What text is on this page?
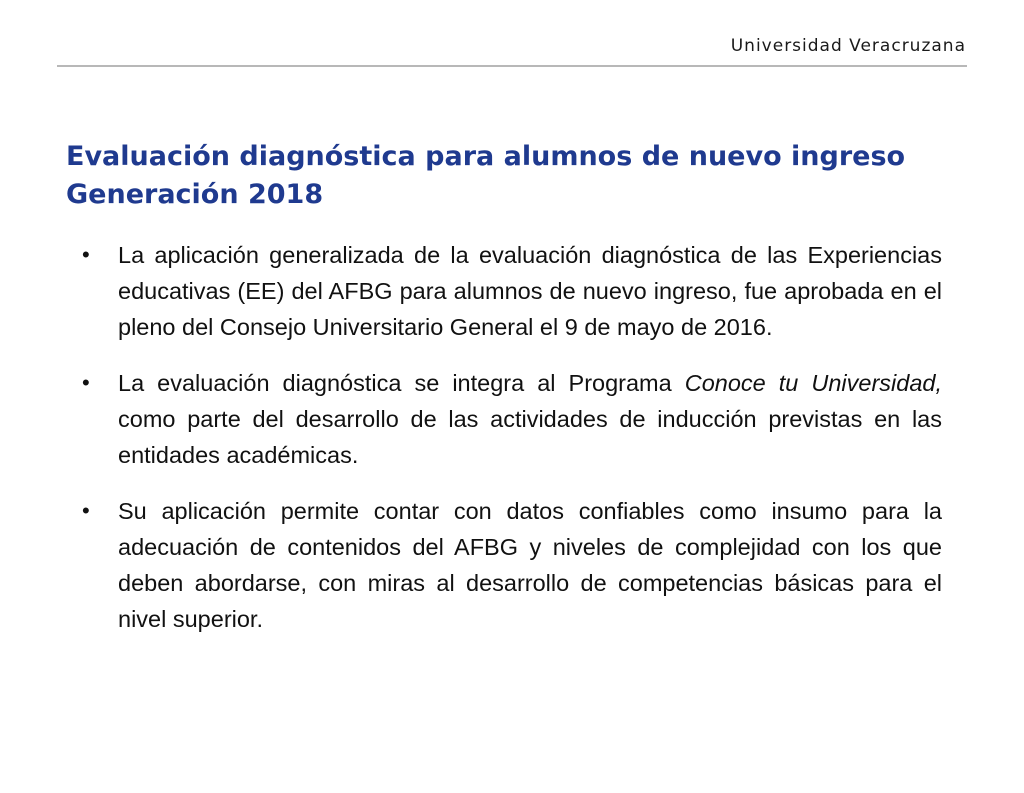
Universidad Veracruzana
Evaluación diagnóstica para alumnos de nuevo ingreso
Generación 2018
• La aplicación generalizada de la evaluación diagnóstica de las Experiencias educativas (EE) del AFBG para alumnos de nuevo ingreso, fue aprobada en el pleno del Consejo Universitario General el 9 de mayo de 2016.
• La evaluación diagnóstica se integra al Programa Conoce tu Universidad, como parte del desarrollo de las actividades de inducción previstas en las entidades académicas.
• Su aplicación permite contar con datos confiables como insumo para la adecuación de contenidos del AFBG y niveles de complejidad con los que deben abordarse, con miras al desarrollo de competencias básicas para el nivel superior.
